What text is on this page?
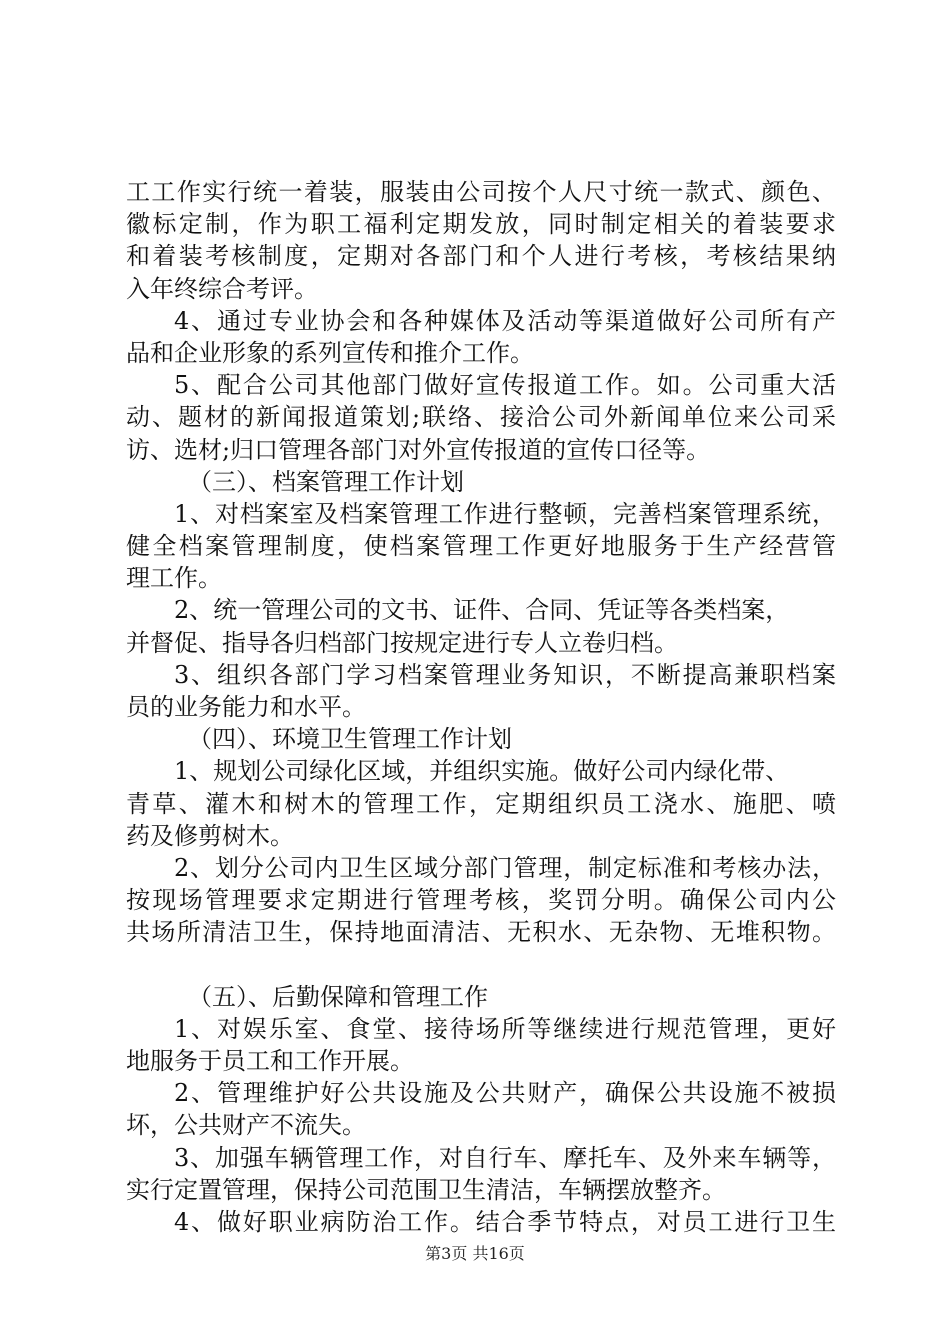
工工作实行统一着装，服装由公司按个人尺寸统一款式、颜色、
徽标定制，作为职工福利定期发放，同时制定相关的着装要求
和着装考核制度，定期对各部门和个人进行考核，考核结果纳
入年终综合考评。
4、通过专业协会和各种媒体及活动等渠道做好公司所有产
品和企业形象的系列宣传和推介工作。
5、配合公司其他部门做好宣传报道工作。如。公司重大活
动、题材的新闻报道策划;联络、接洽公司外新闻单位来公司采
访、选材;归口管理各部门对外宣传报道的宣传口径等。
（三）、档案管理工作计划
1、对档案室及档案管理工作进行整顿，完善档案管理系统，
健全档案管理制度，使档案管理工作更好地服务于生产经营管
理工作。
2、统一管理公司的文书、证件、合同、凭证等各类档案，
并督促、指导各归档部门按规定进行专人立卷归档。
3、组织各部门学习档案管理业务知识，不断提高兼职档案
员的业务能力和水平。
（四）、环境卫生管理工作计划
1、规划公司绿化区域，并组织实施。做好公司内绿化带、
青草、灌木和树木的管理工作，定期组织员工浇水、施肥、喷
药及修剪树木。
2、划分公司内卫生区域分部门管理，制定标准和考核办法，
按现场管理要求定期进行管理考核，奖罚分明。确保公司内公
共场所清洁卫生，保持地面清洁、无积水、无杂物、无堆积物。
（五）、后勤保障和管理工作
1、对娱乐室、食堂、接待场所等继续进行规范管理，更好
地服务于员工和工作开展。
2、管理维护好公共设施及公共财产，确保公共设施不被损
坏，公共财产不流失。
3、加强车辆管理工作，对自行车、摩托车、及外来车辆等，
实行定置管理，保持公司范围卫生清洁，车辆摆放整齐。
4、做好职业病防治工作。结合季节特点，对员工进行卫生
第3页 共16页
